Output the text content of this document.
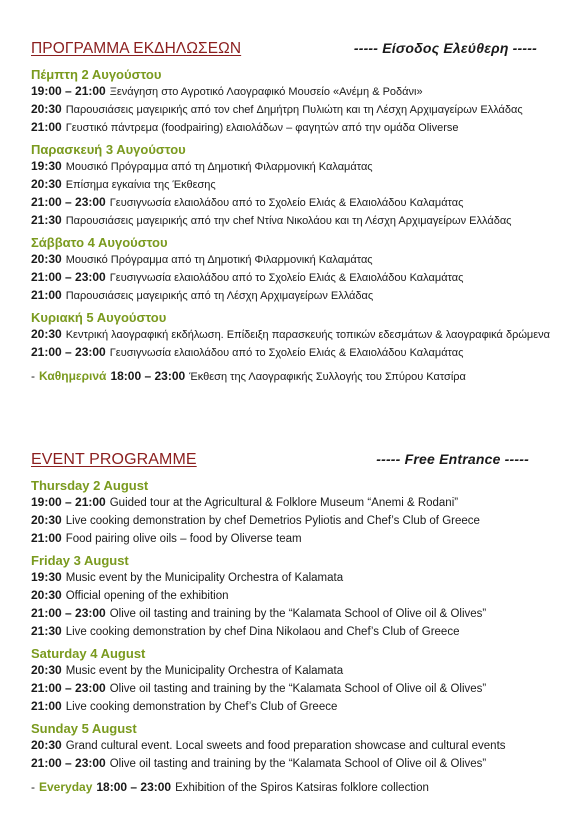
ΠΡΟΓΡΑΜΜΑ ΕΚΔΗΛΩΣΕΩΝ	----- Είσοδος Ελεύθερη -----
Πέμπτη 2 Αυγούστου
19:00 – 21:00 Ξενάγηση στο Αγροτικό Λαογραφικό Μουσείο «Ανέμη & Ροδάνι»
20:30 Παρουσιάσεις μαγειρικής από τον chef Δημήτρη Πυλιώτη και τη Λέσχη Αρχιμαγείρων Ελλάδας
21:00 Γευστικό πάντρεμα (foodpairing) ελαιολάδων – φαγητών από την ομάδα Oliverse
Παρασκευή 3 Αυγούστου
19:30 Μουσικό Πρόγραμμα από τη Δημοτική Φιλαρμονική Καλαμάτας
20:30 Επίσημα εγκαίνια της Έκθεσης
21:00 – 23:00 Γευσιγνωσία ελαιολάδου από το Σχολείο Ελιάς & Ελαιολάδου Καλαμάτας
21:30 Παρουσιάσεις μαγειρικής από την chef Ντίνα Νικολάου και τη Λέσχη Αρχιμαγείρων Ελλάδας
Σάββατο 4 Αυγούστου
20:30 Μουσικό Πρόγραμμα από τη Δημοτική Φιλαρμονική Καλαμάτας
21:00 – 23:00 Γευσιγνωσία ελαιολάδου από το Σχολείο Ελιάς & Ελαιολάδου Καλαμάτας
21:00 Παρουσιάσεις μαγειρικής από τη Λέσχη Αρχιμαγείρων Ελλάδας
Κυριακή 5 Αυγούστου
20:30 Κεντρική λαογραφική εκδήλωση. Επίδειξη παρασκευής τοπικών εδεσμάτων & λαογραφικά δρώμενα
21:00 – 23:00 Γευσιγνωσία ελαιολάδου από το Σχολείο Ελιάς & Ελαιολάδου Καλαμάτας
- Καθημερινά 18:00 – 23:00 Έκθεση της Λαογραφικής Συλλογής του Σπύρου Κατσίρα
EVENT PROGRAMME	----- Free Entrance -----
Thursday 2 August
19:00 – 21:00 Guided tour at the Agricultural & Folklore Museum “Anemi & Rodani”
20:30 Live cooking demonstration by chef Demetrios Pyliotis and Chef’s Club of Greece
21:00 Food pairing olive oils – food by Oliverse team
Friday 3 August
19:30 Music event by the Municipality Orchestra of Kalamata
20:30 Official opening of the exhibition
21:00 – 23:00 Olive oil tasting and training by the “Kalamata School of Olive oil & Olives”
21:30 Live cooking demonstration by chef Dina Nikolaou and Chef’s Club of Greece
Saturday 4 August
20:30 Music event by the Municipality Orchestra of Kalamata
21:00 – 23:00 Olive oil tasting and training by the “Kalamata School of Olive oil & Olives”
21:00 Live cooking demonstration by Chef’s Club of Greece
Sunday 5 August
20:30 Grand cultural event. Local sweets and food preparation showcase and cultural events
21:00 – 23:00 Olive oil tasting and training by the “Kalamata School of Olive oil & Olives”
- Everyday 18:00 – 23:00 Exhibition of the Spiros Katsiras folklore collection
